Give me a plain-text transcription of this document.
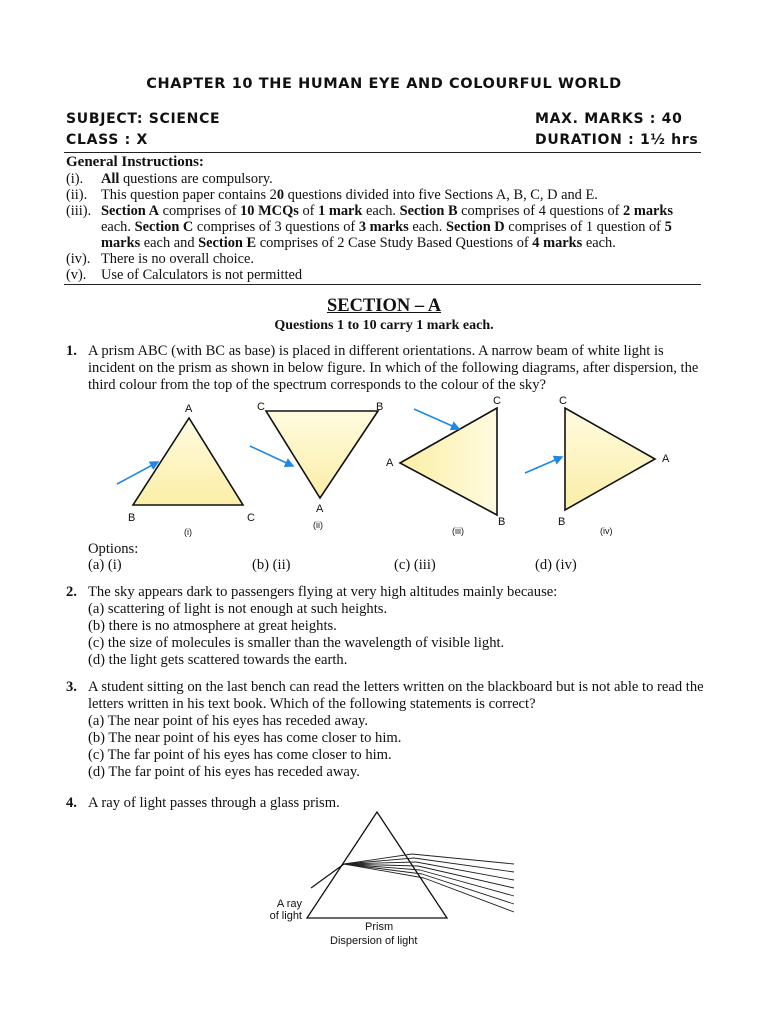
CHAPTER 10 THE HUMAN EYE AND COLOURFUL WORLD
SUBJECT: SCIENCE
CLASS : X
MAX. MARKS : 40
DURATION : 1½ hrs
General Instructions:
(i). All questions are compulsory.
(ii). This question paper contains 20 questions divided into five Sections A, B, C, D and E.
(iii). Section A comprises of 10 MCQs of 1 mark each. Section B comprises of 4 questions of 2 marks each. Section C comprises of 3 questions of 3 marks each. Section D comprises of 1 question of 5 marks each and Section E comprises of 2 Case Study Based Questions of 4 marks each.
(iv). There is no overall choice.
(v). Use of Calculators is not permitted
SECTION – A
Questions 1 to 10 carry 1 mark each.
1. A prism ABC (with BC as base) is placed in different orientations. A narrow beam of white light is incident on the prism as shown in below figure. In which of the following diagrams, after dispersion, the third colour from the top of the spectrum corresponds to the colour of the sky?
A
B	C
(i)
C	B
A
(ii)
C
A
B
(iii)
C
A
B
(iv)
Options:
(a) (i)	(b) (ii)	(c) (iii)	(d) (iv)
2. The sky appears dark to passengers flying at very high altitudes mainly because:
(a) scattering of light is not enough at such heights.
(b) there is no atmosphere at great heights.
(c) the size of molecules is smaller than the wavelength of visible light.
(d) the light gets scattered towards the earth.
3. A student sitting on the last bench can read the letters written on the blackboard but is not able to read the letters written in his text book. Which of the following statements is correct?
(a) The near point of his eyes has receded away.
(b) The near point of his eyes has come closer to him.
(c) The far point of his eyes has come closer to him.
(d) The far point of his eyes has receded away.
4. A ray of light passes through a glass prism.
A ray
of light
Prism
Dispersion of light
